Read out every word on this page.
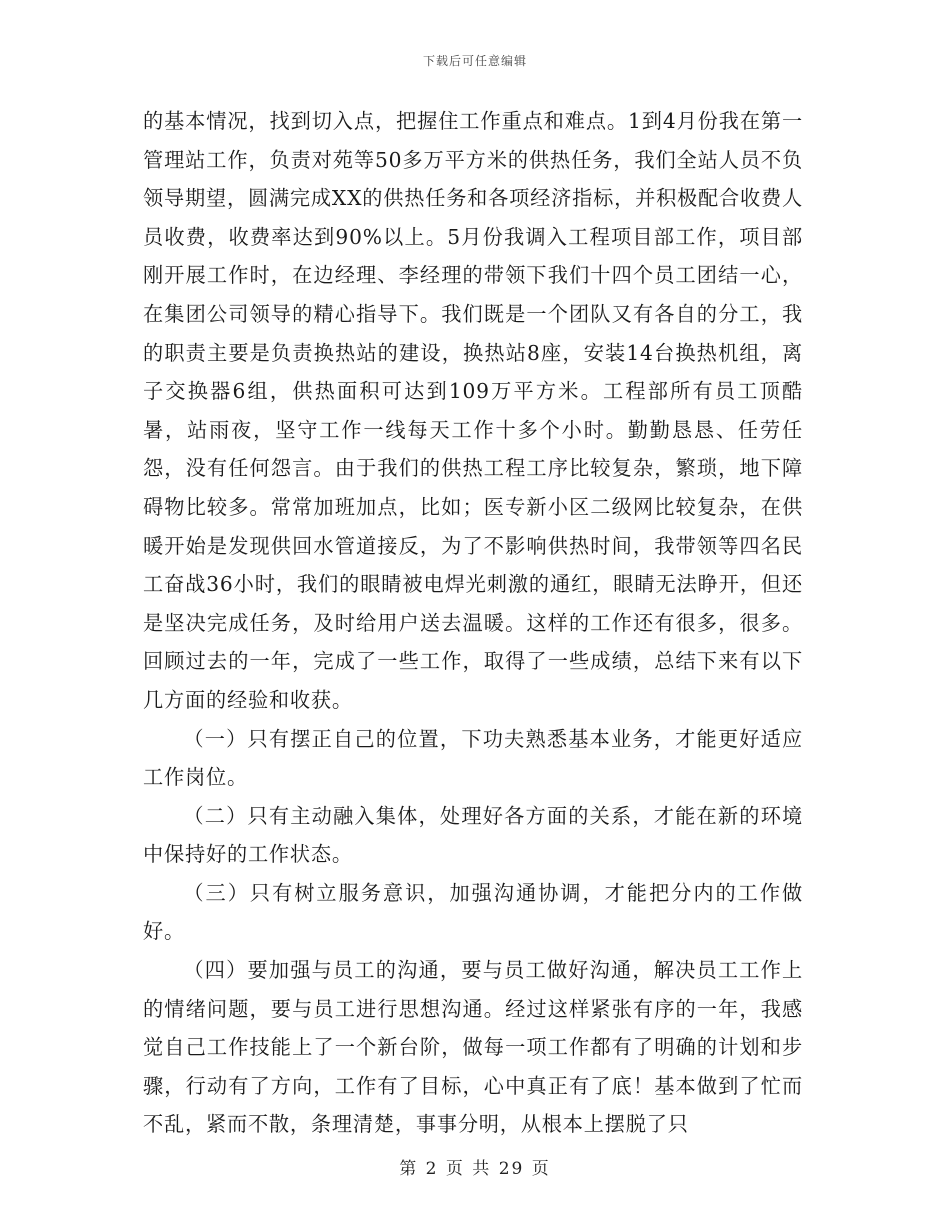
下载后可任意编辑

的基本情况，找到切入点，把握住工作重点和难点。1到4月份我在第一管理站工作，负责对苑等50多万平方米的供热任务，我们全站人员不负领导期望，圆满完成XX的供热任务和各项经济指标，并积极配合收费人员收费，收费率达到90%以上。5月份我调入工程项目部工作，项目部刚开展工作时，在边经理、李经理的带领下我们十四个员工团结一心，在集团公司领导的精心指导下。我们既是一个团队又有各自的分工，我的职责主要是负责换热站的建设，换热站8座，安装14台换热机组，离子交换器6组，供热面积可达到109万平方米。工程部所有员工顶酷暑，站雨夜，坚守工作一线每天工作十多个小时。勤勤恳恳、任劳任怨，没有任何怨言。由于我们的供热工程工序比较复杂，繁琐，地下障碍物比较多。常常加班加点，比如；医专新小区二级网比较复杂，在供暖开始是发现供回水管道接反，为了不影响供热时间，我带领等四名民工奋战36小时，我们的眼睛被电焊光刺激的通红，眼睛无法睁开，但还是坚决完成任务，及时给用户送去温暖。这样的工作还有很多，很多。回顾过去的一年，完成了一些工作，取得了一些成绩，总结下来有以下几方面的经验和收获。

（一）只有摆正自己的位置，下功夫熟悉基本业务，才能更好适应工作岗位。

（二）只有主动融入集体，处理好各方面的关系，才能在新的环境中保持好的工作状态。

（三）只有树立服务意识，加强沟通协调，才能把分内的工作做好。

（四）要加强与员工的沟通，要与员工做好沟通，解决员工工作上的情绪问题，要与员工进行思想沟通。经过这样紧张有序的一年，我感觉自己工作技能上了一个新台阶，做每一项工作都有了明确的计划和步骤，行动有了方向，工作有了目标，心中真正有了底！基本做到了忙而不乱，紧而不散，条理清楚，事事分明，从根本上摆脱了只

第 2 页 共 29 页
